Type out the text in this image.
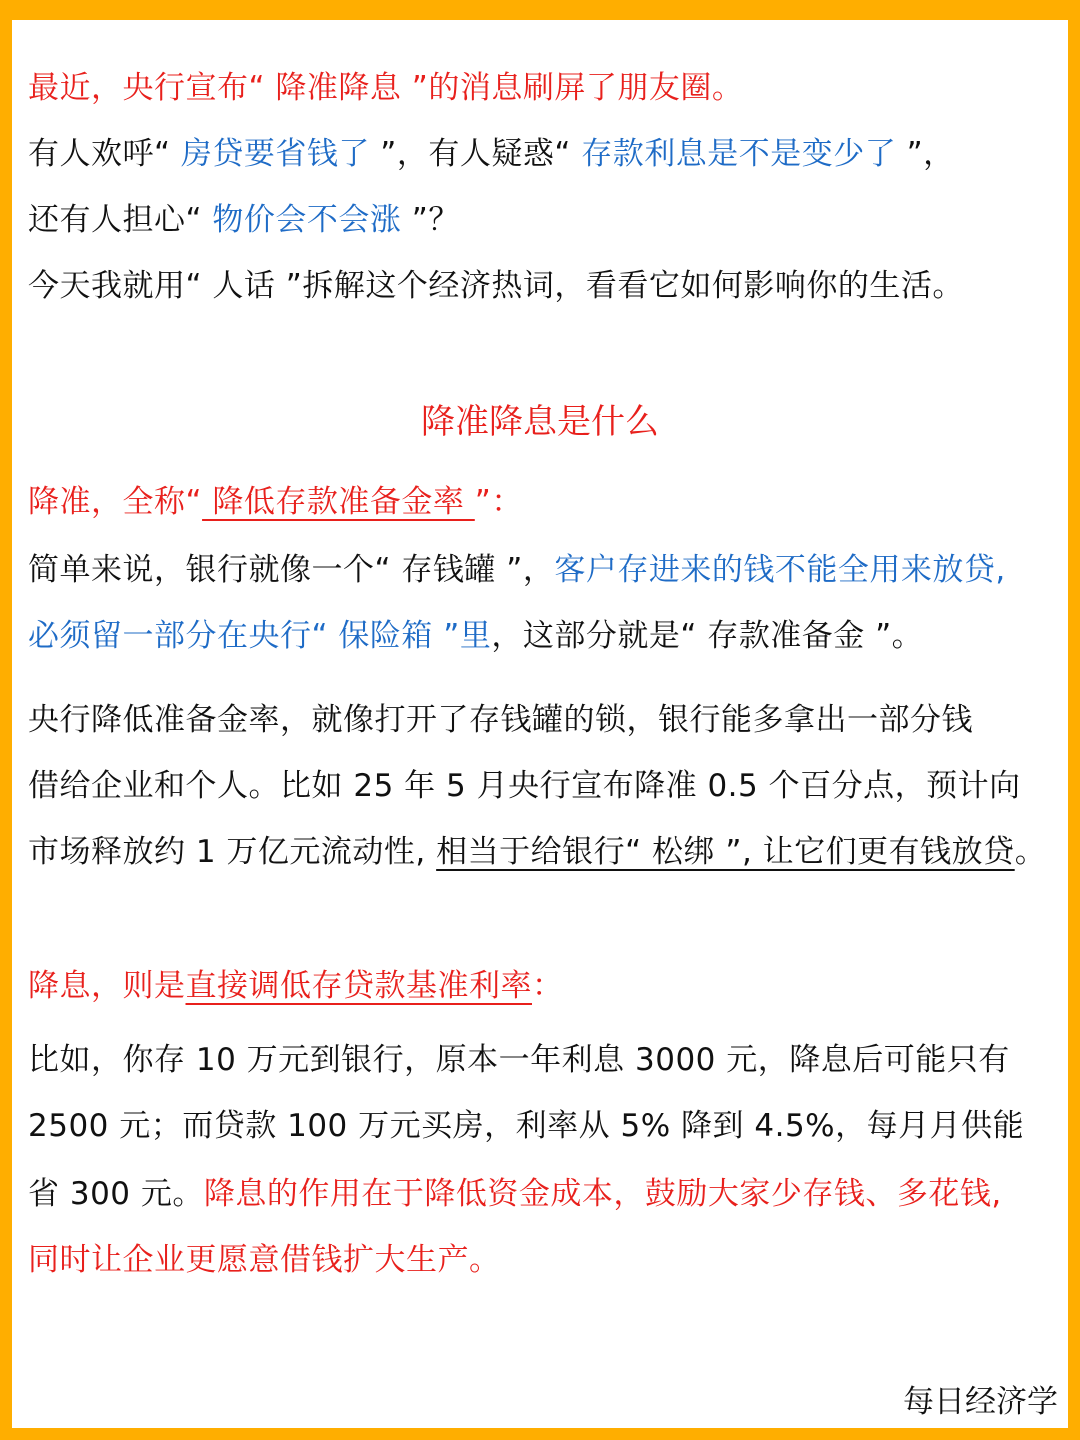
最近，央行宣布“ 降准降息 ”的消息刷屏了朋友圈。
有人欢呼“ 房贷要省钱了 ”，有人疑惑“ 存款利息是不是变少了 ”，
还有人担心“ 物价会不会涨 ”？
今天我就用“ 人话 ”拆解这个经济热词，看看它如何影响你的生活。
降准降息是什么
降准，全称“ 降低存款准备金率 ”：
简单来说，银行就像一个“ 存钱罐 ”，客户存进来的钱不能全用来放贷,
必须留一部分在央行“ 保险箱 ”里，这部分就是“ 存款准备金 ”。
央行降低准备金率，就像打开了存钱罐的锁，银行能多拿出一部分钱
借给企业和个人。比如 25 年 5 月央行宣布降准 0.5 个百分点，预计向
市场释放约 1 万亿元流动性, 相当于给银行“ 松绑 ”, 让它们更有钱放贷。
降息，则是直接调低存贷款基准利率：
比如，你存 10 万元到银行，原本一年利息 3000 元，降息后可能只有
2500 元；而贷款 100 万元买房，利率从 5% 降到 4.5%，每月月供能
省 300 元。降息的作用在于降低资金成本，鼓励大家少存钱、多花钱,
同时让企业更愿意借钱扩大生产。
每日经济学
